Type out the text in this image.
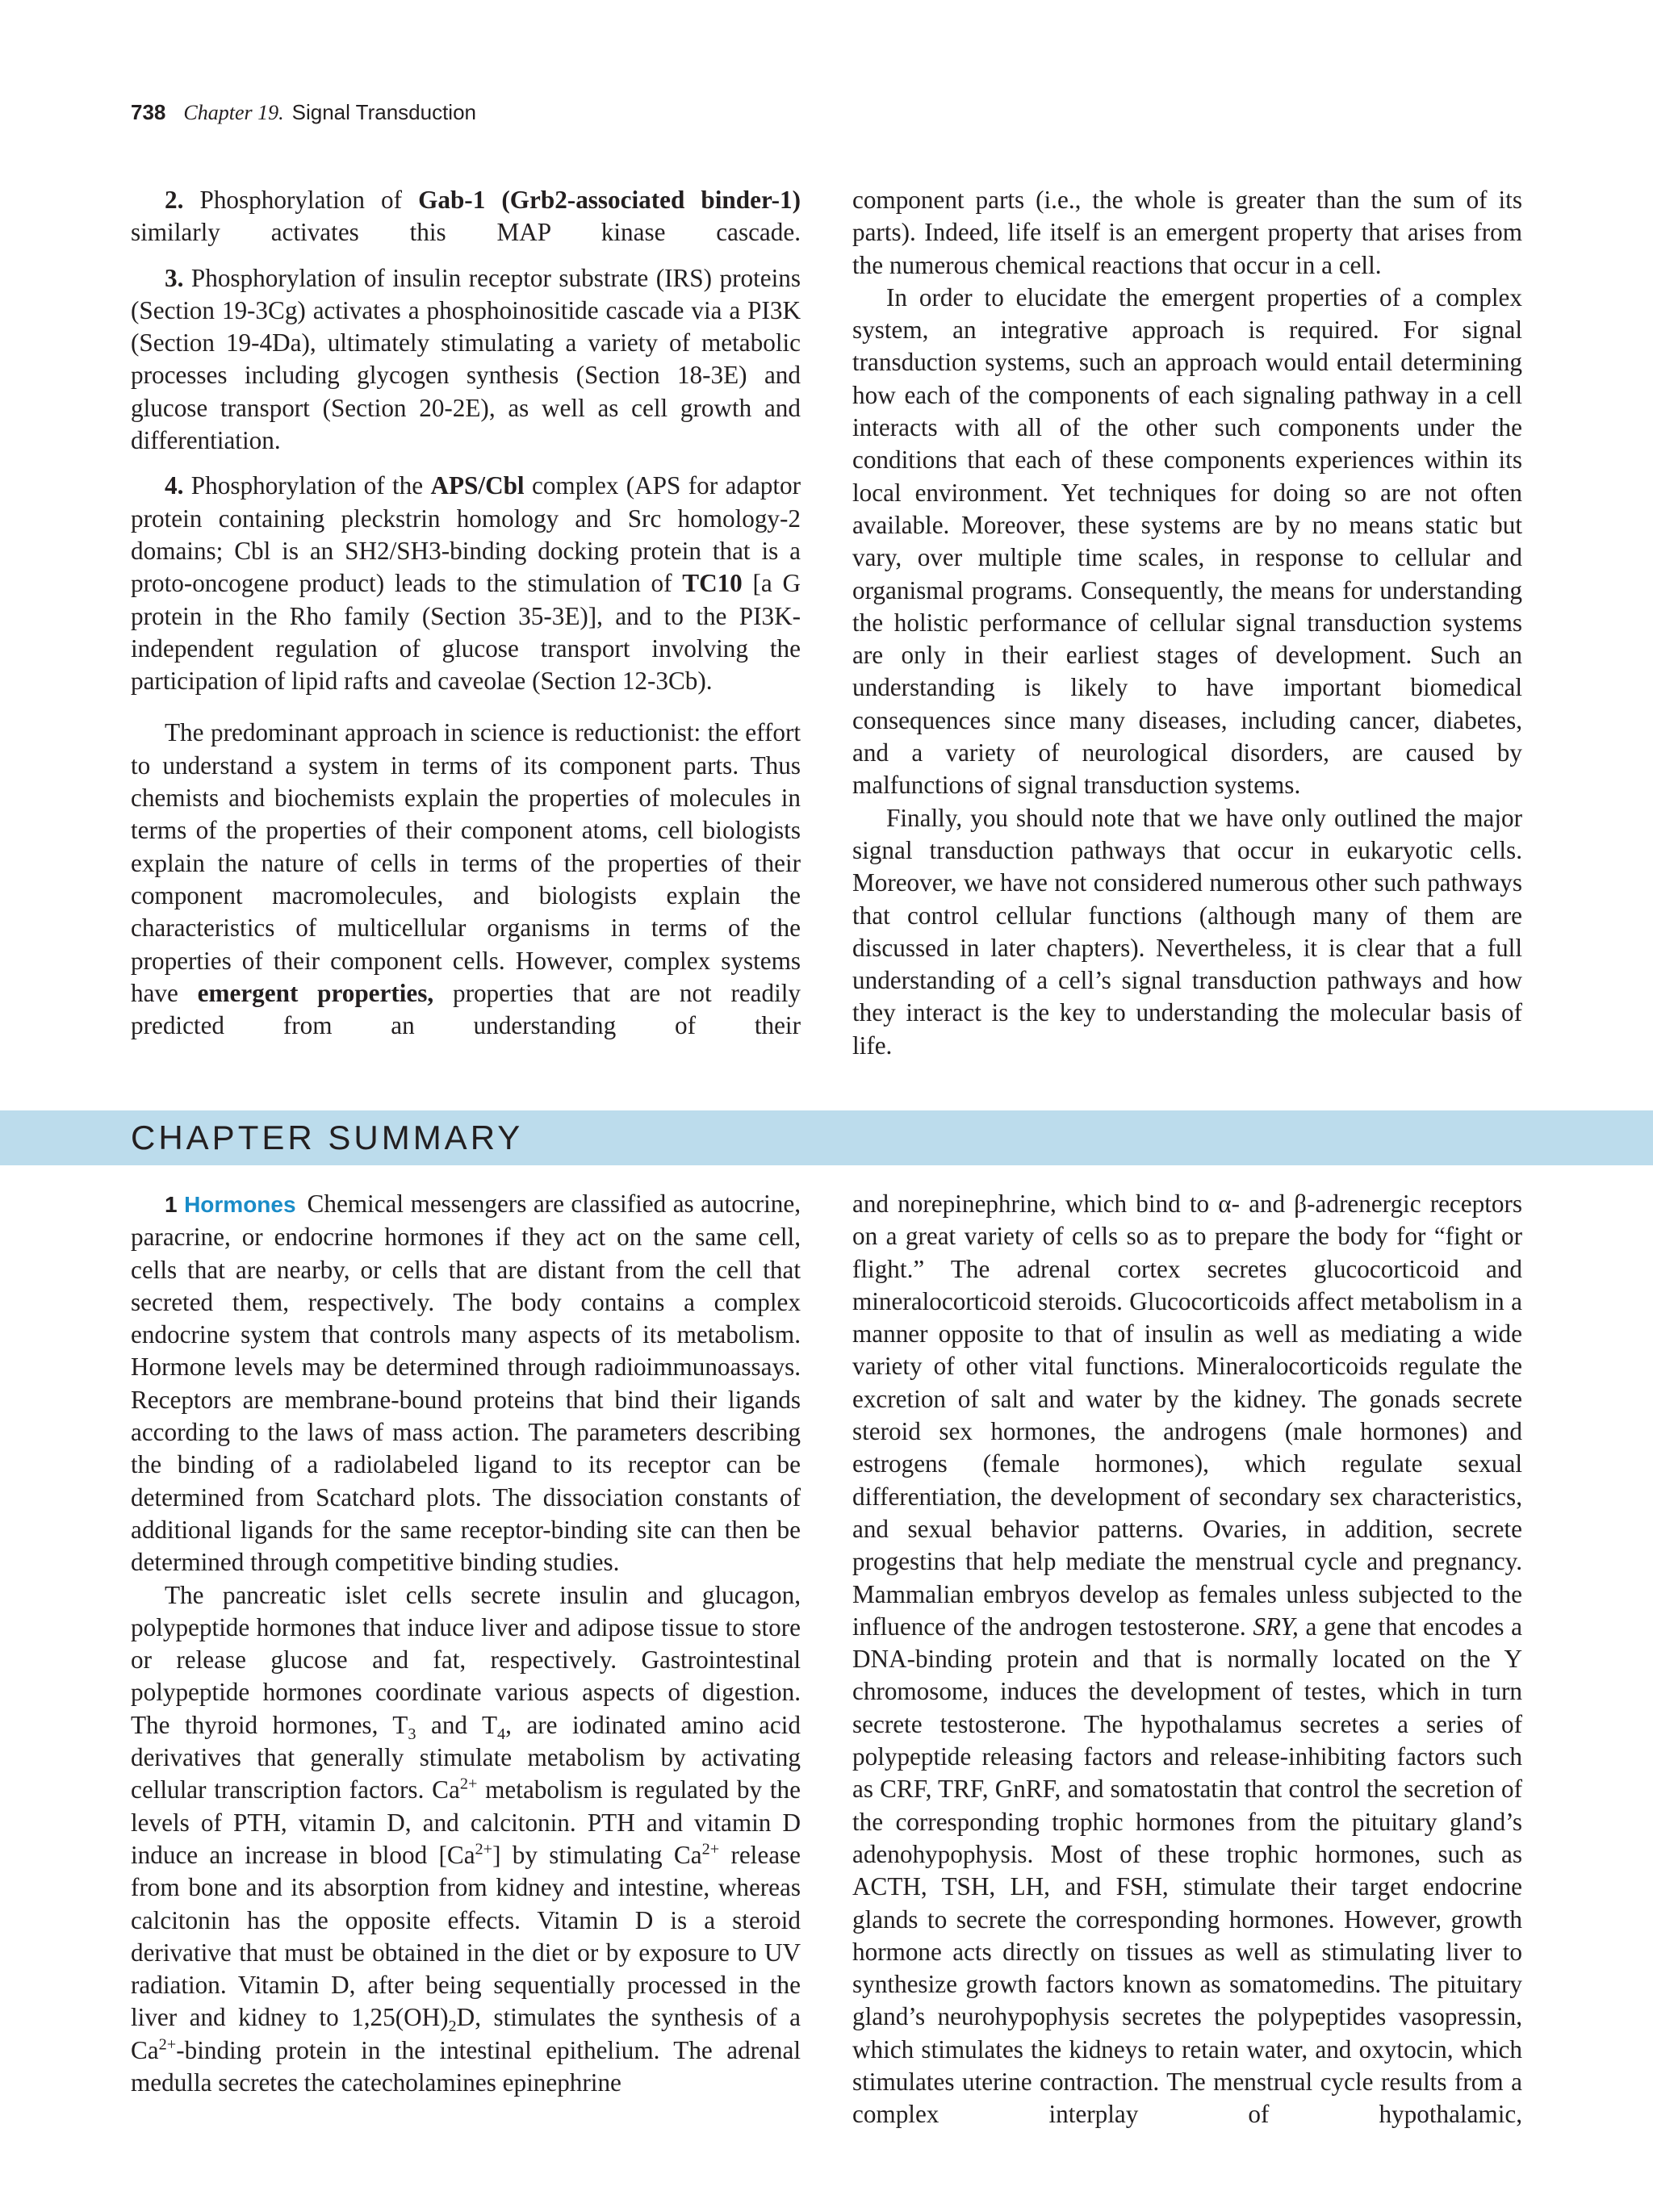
738 Chapter 19. Signal Transduction

2. Phosphorylation of Gab-1 (Grb2-associated binder-1) similarly activates this MAP kinase cascade.

3. Phosphorylation of insulin receptor substrate (IRS) proteins (Section 19-3Cg) activates a phosphoinositide cascade via a PI3K (Section 19-4Da), ultimately stimulating a variety of metabolic processes including glycogen synthesis (Section 18-3E) and glucose transport (Section 20-2E), as well as cell growth and differentiation.

4. Phosphorylation of the APS/Cbl complex (APS for adaptor protein containing pleckstrin homology and Src homology-2 domains; Cbl is an SH2/SH3-binding docking protein that is a proto-oncogene product) leads to the stimulation of TC10 [a G protein in the Rho family (Section 35-3E)], and to the PI3K-independent regulation of glucose transport involving the participation of lipid rafts and caveolae (Section 12-3Cb).

The predominant approach in science is reductionist: the effort to understand a system in terms of its component parts. Thus chemists and biochemists explain the properties of molecules in terms of the properties of their component atoms, cell biologists explain the nature of cells in terms of the properties of their component macromolecules, and biologists explain the characteristics of multicellular organisms in terms of the properties of their component cells. However, complex systems have emergent properties, properties that are not readily predicted from an understanding of their

component parts (i.e., the whole is greater than the sum of its parts). Indeed, life itself is an emergent property that arises from the numerous chemical reactions that occur in a cell.

In order to elucidate the emergent properties of a complex system, an integrative approach is required. For signal transduction systems, such an approach would entail determining how each of the components of each signaling pathway in a cell interacts with all of the other such components under the conditions that each of these components experiences within its local environment. Yet techniques for doing so are not often available. Moreover, these systems are by no means static but vary, over multiple time scales, in response to cellular and organismal programs. Consequently, the means for understanding the holistic performance of cellular signal transduction systems are only in their earliest stages of development. Such an understanding is likely to have important biomedical consequences since many diseases, including cancer, diabetes, and a variety of neurological disorders, are caused by malfunctions of signal transduction systems.

Finally, you should note that we have only outlined the major signal transduction pathways that occur in eukaryotic cells. Moreover, we have not considered numerous other such pathways that control cellular functions (although many of them are discussed in later chapters). Nevertheless, it is clear that a full understanding of a cell’s signal transduction pathways and how they interact is the key to understanding the molecular basis of life.

CHAPTER SUMMARY

1 Hormones Chemical messengers are classified as autocrine, paracrine, or endocrine hormones if they act on the same cell, cells that are nearby, or cells that are distant from the cell that secreted them, respectively. The body contains a complex endocrine system that controls many aspects of its metabolism. Hormone levels may be determined through radioimmunoassays. Receptors are membrane-bound proteins that bind their ligands according to the laws of mass action. The parameters describing the binding of a radiolabeled ligand to its receptor can be determined from Scatchard plots. The dissociation constants of additional ligands for the same receptor-binding site can then be determined through competitive binding studies.

The pancreatic islet cells secrete insulin and glucagon, polypeptide hormones that induce liver and adipose tissue to store or release glucose and fat, respectively. Gastrointestinal polypeptide hormones coordinate various aspects of digestion. The thyroid hormones, $T_3$ and $T_4$, are iodinated amino acid derivatives that generally stimulate metabolism by activating cellular transcription factors. $Ca^{2+}$ metabolism is regulated by the levels of PTH, vitamin D, and calcitonin. PTH and vitamin D induce an increase in blood $[Ca^{2+}]$ by stimulating $Ca^{2+}$ release from bone and its absorption from kidney and intestine, whereas calcitonin has the opposite effects. Vitamin D is a steroid derivative that must be obtained in the diet or by exposure to UV radiation. Vitamin D, after being sequentially processed in the liver and kidney to $1,25(OH)_2D$, stimulates the synthesis of a $Ca^{2+}$-binding protein in the intestinal epithelium. The adrenal medulla secretes the catecholamines epinephrine

and norepinephrine, which bind to α- and β-adrenergic receptors on a great variety of cells so as to prepare the body for “fight or flight.” The adrenal cortex secretes glucocorticoid and mineralocorticoid steroids. Glucocorticoids affect metabolism in a manner opposite to that of insulin as well as mediating a wide variety of other vital functions. Mineralocorticoids regulate the excretion of salt and water by the kidney. The gonads secrete steroid sex hormones, the androgens (male hormones) and estrogens (female hormones), which regulate sexual differentiation, the development of secondary sex characteristics, and sexual behavior patterns. Ovaries, in addition, secrete progestins that help mediate the menstrual cycle and pregnancy. Mammalian embryos develop as females unless subjected to the influence of the androgen testosterone. SRY, a gene that encodes a DNA-binding protein and that is normally located on the Y chromosome, induces the development of testes, which in turn secrete testosterone. The hypothalamus secretes a series of polypeptide releasing factors and release-inhibiting factors such as CRF, TRF, GnRF, and somatostatin that control the secretion of the corresponding trophic hormones from the pituitary gland’s adenohypophysis. Most of these trophic hormones, such as ACTH, TSH, LH, and FSH, stimulate their target endocrine glands to secrete the corresponding hormones. However, growth hormone acts directly on tissues as well as stimulating liver to synthesize growth factors known as somatomedins. The pituitary gland’s neurohypophysis secretes the polypeptides vasopressin, which stimulates the kidneys to retain water, and oxytocin, which stimulates uterine contraction. The menstrual cycle results from a complex interplay of hypothalamic,
